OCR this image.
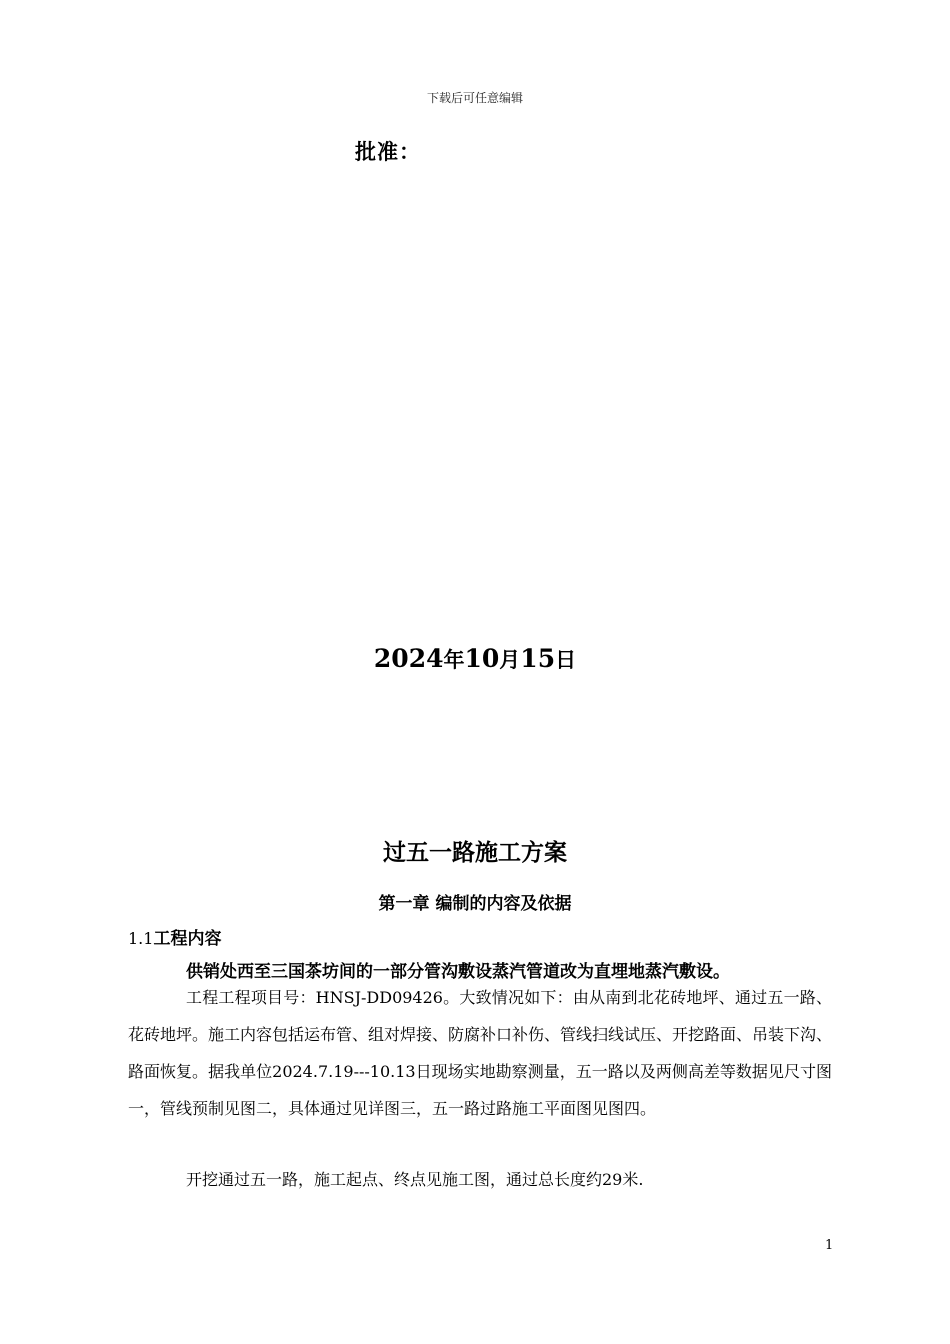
下载后可任意编辑
批准：
2024年10月15日
过五一路施工方案
第一章 编制的内容及依据
1.1工程内容
供销处西至三国茶坊间的一部分管沟敷设蒸汽管道改为直埋地蒸汽敷设。
工程工程项目号：HNSJ-DD09426。大致情况如下：由从南到北花砖地坪、通过五一路、花砖地坪。施工内容包括运布管、组对焊接、防腐补口补伤、管线扫线试压、开挖路面、吊装下沟、路面恢复。据我单位2024.7.19---10.13日现场实地勘察测量，五一路以及两侧高差等数据见尺寸图一，管线预制见图二，具体通过见详图三，五一路过路施工平面图见图四。
开挖通过五一路，施工起点、终点见施工图，通过总长度约29米.
1
